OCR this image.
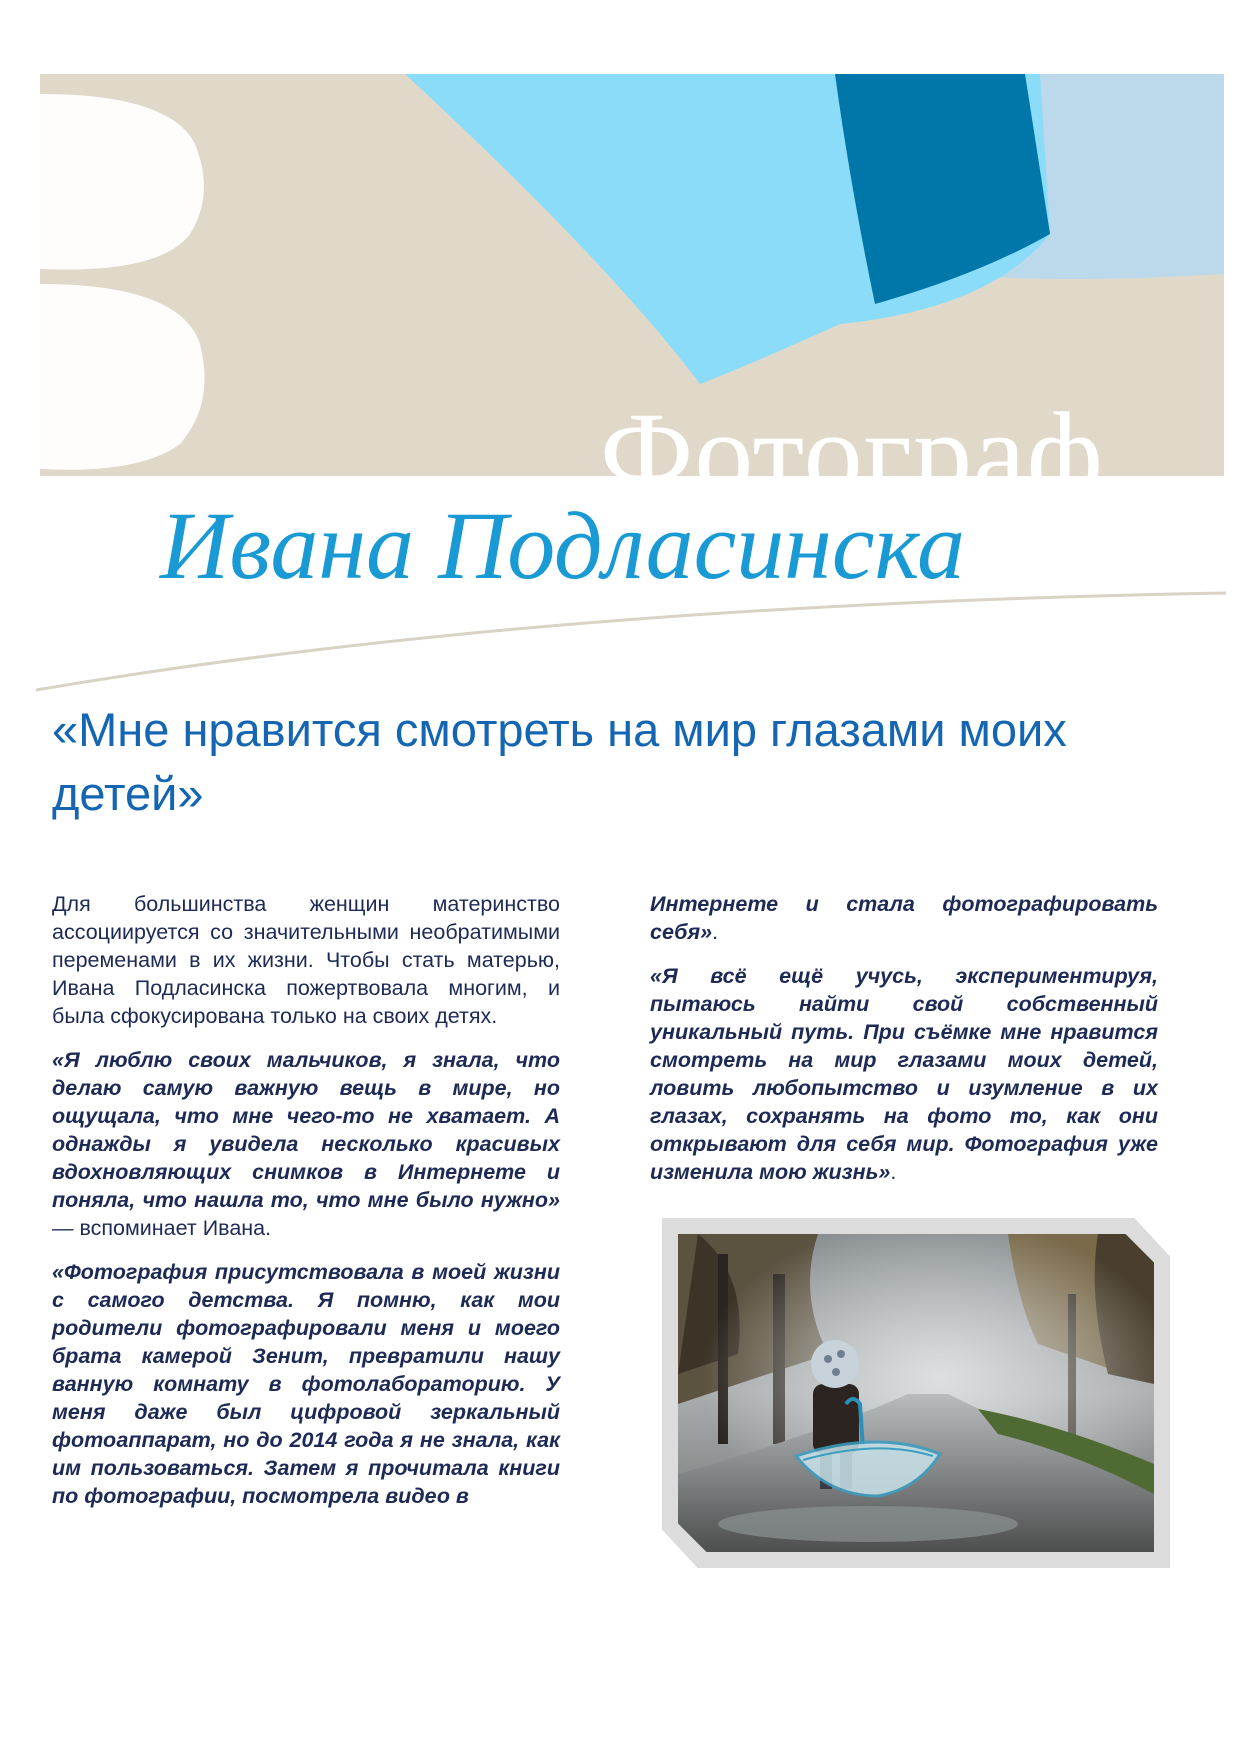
Фотограф
Ивана Подласинска
«Мне нравится смотреть на мир глазами моих детей»

Для большинства женщин материнство ассоциируется со значительными необратимыми переменами в их жизни. Чтобы стать матерью, Ивана Подласинска пожертвовала многим, и была сфокусирована только на своих детях.

«Я люблю своих мальчиков, я знала, что делаю самую важную вещь в мире, но ощущала, что мне чего-то не хватает. А однажды я увидела несколько красивых вдохновляющих снимков в Интернете и поняла, что нашла то, что мне было нужно» — вспоминает Ивана.

«Фотография присутствовала в моей жизни с самого детства. Я помню, как мои родители фотографировали меня и моего брата камерой Зенит, превратили нашу ванную комнату в фотолабораторию. У меня даже был цифровой зеркальный фотоаппарат, но до 2014 года я не знала, как им пользоваться. Затем я прочитала книги по фотографии, посмотрела видео в

Интернете и стала фотографировать себя».

«Я всё ещё учусь, экспериментируя, пытаюсь найти свой собственный уникальный путь. При съёмке мне нравится смотреть на мир глазами моих детей, ловить любопытство и изумление в их глазах, сохранять на фото то, как они открывают для себя мир. Фотография уже изменила мою жизнь».
